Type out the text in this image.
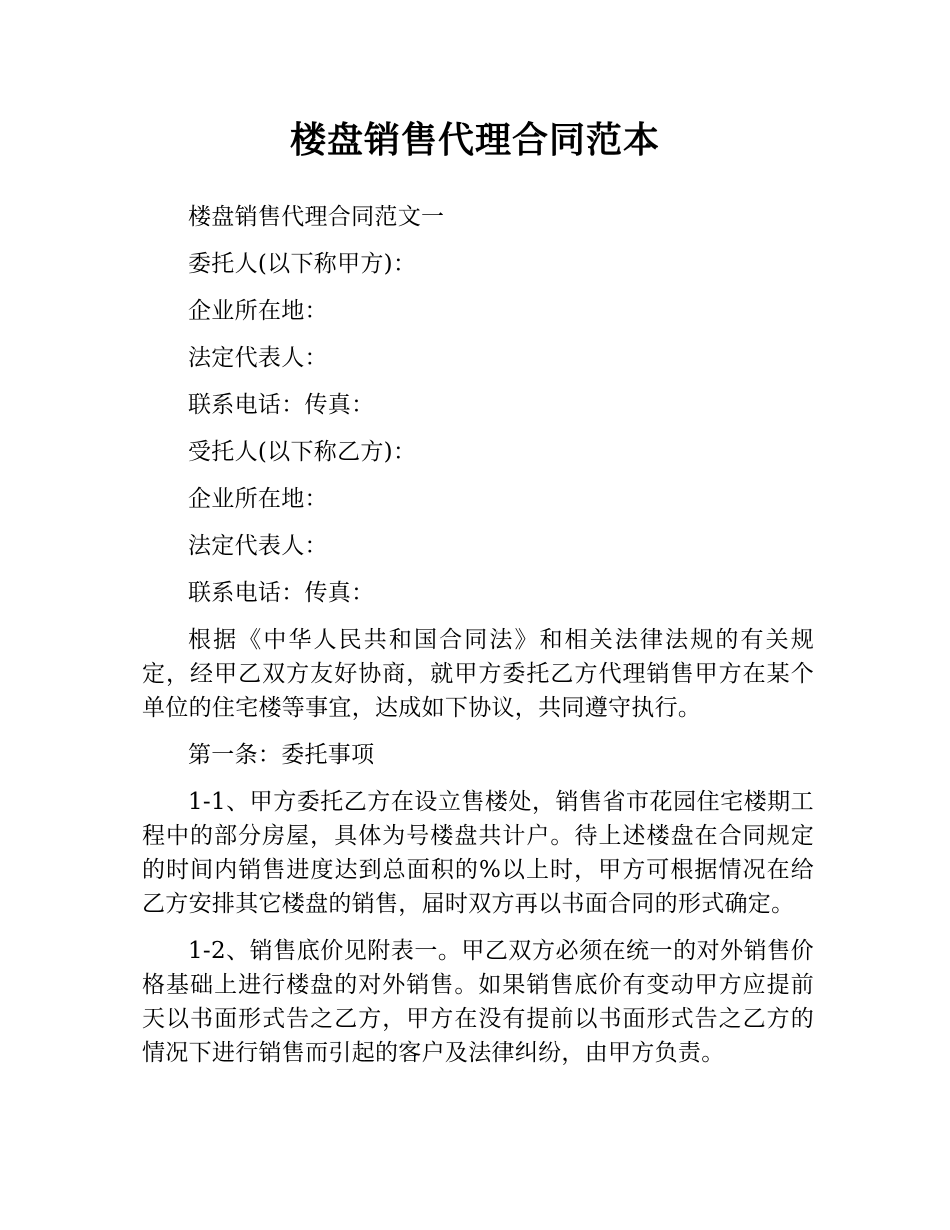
楼盘销售代理合同范本

楼盘销售代理合同范文一

委托人(以下称甲方)：

企业所在地：

法定代表人：

联系电话：传真：

受托人(以下称乙方)：

企业所在地：

法定代表人：

联系电话：传真：

根据《中华人民共和国合同法》和相关法律法规的有关规定，经甲乙双方友好协商，就甲方委托乙方代理销售甲方在某个单位的住宅楼等事宜，达成如下协议，共同遵守执行。

第一条：委托事项

1-1、甲方委托乙方在设立售楼处，销售省市花园住宅楼期工程中的部分房屋，具体为号楼盘共计户。待上述楼盘在合同规定的时间内销售进度达到总面积的%以上时，甲方可根据情况在给乙方安排其它楼盘的销售，届时双方再以书面合同的形式确定。

1-2、销售底价见附表一。甲乙双方必须在统一的对外销售价格基础上进行楼盘的对外销售。如果销售底价有变动甲方应提前天以书面形式告之乙方，甲方在没有提前以书面形式告之乙方的情况下进行销售而引起的客户及法律纠纷，由甲方负责。
